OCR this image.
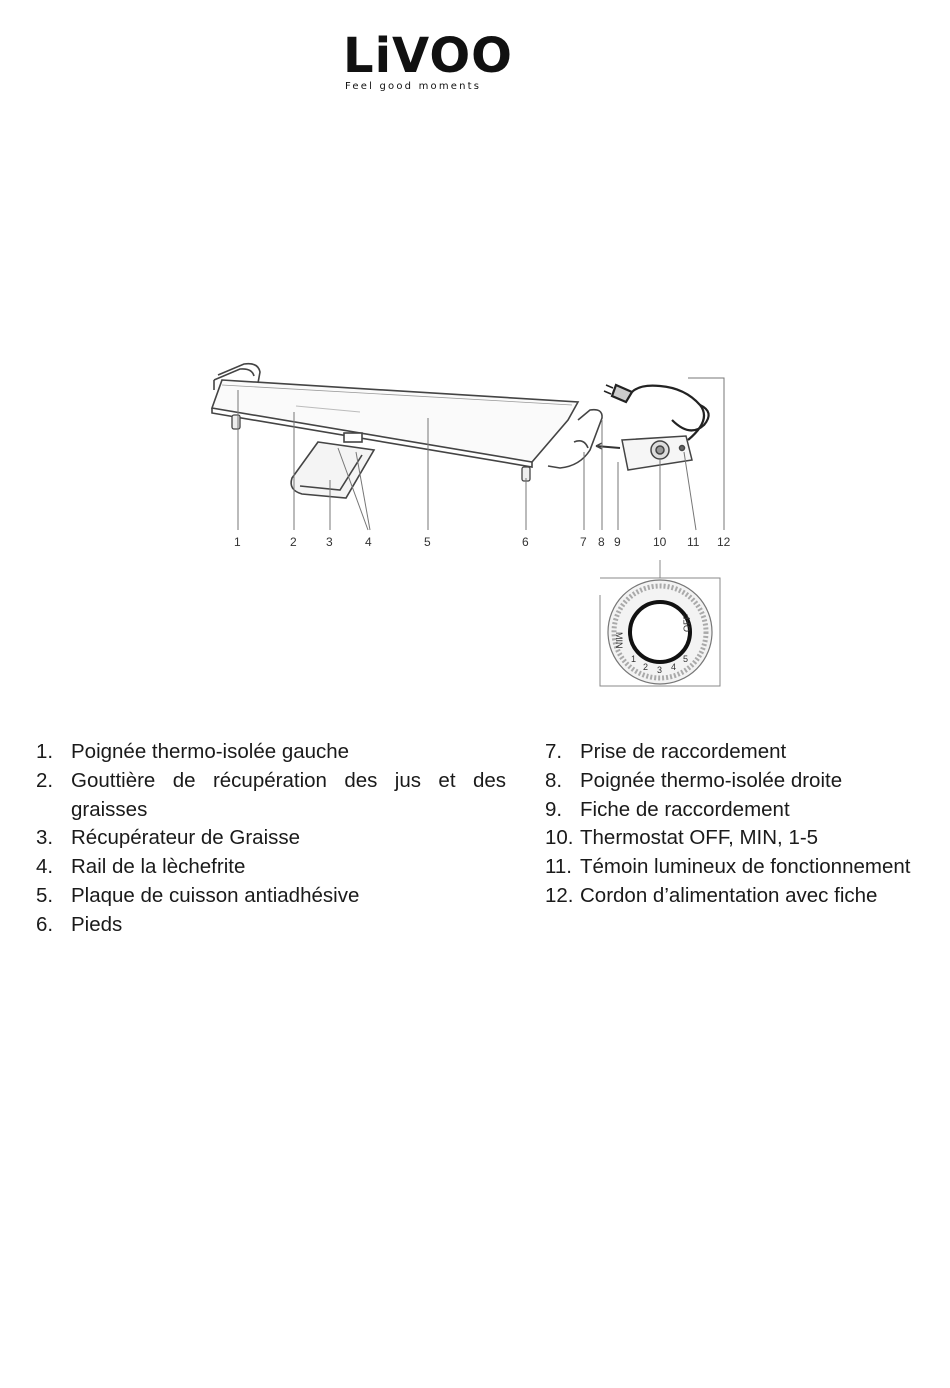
LiVOO
Feel good moments
1	2 3	4	5	6	7 8 9	10 11 12
MIN
OFF
1
2 3 4
5
1. Poignée thermo-isolée gauche
2. Gouttière de récupération des jus et des graisses
3. Récupérateur de Graisse
4. Rail de la lèchefrite
5. Plaque de cuisson antiadhésive
6. Pieds
7. Prise de raccordement
8. Poignée thermo-isolée droite
9. Fiche de raccordement
10. Thermostat OFF, MIN, 1-5
11. Témoin lumineux de fonctionnement
12. Cordon d’alimentation avec fiche
